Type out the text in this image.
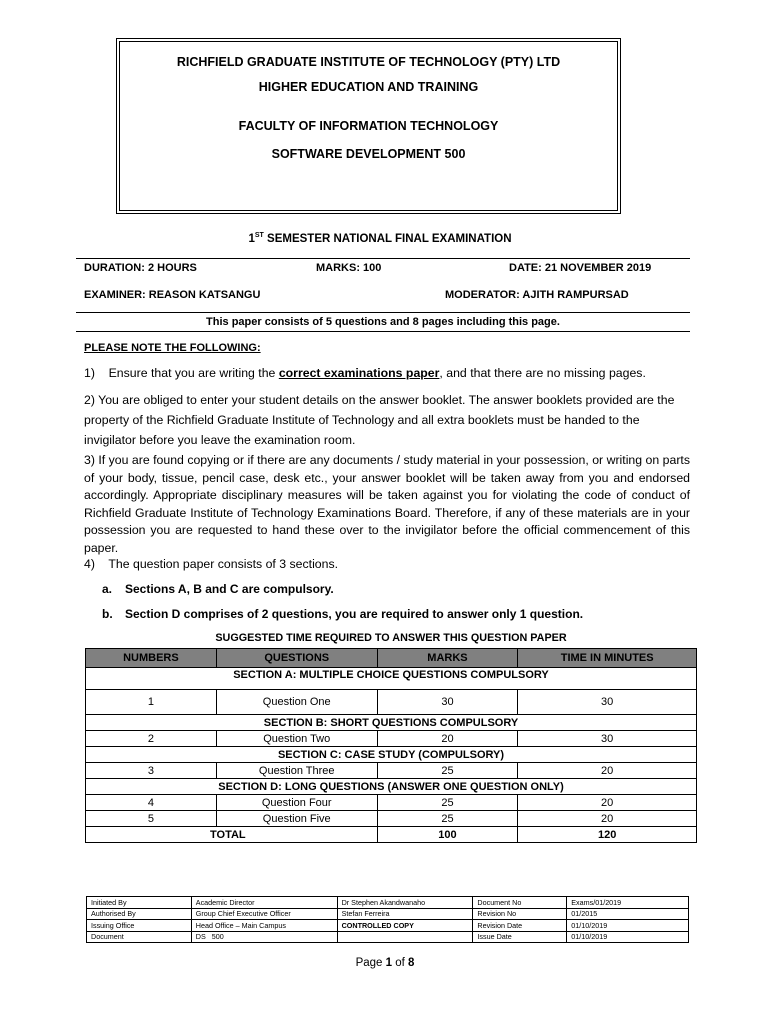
RICHFIELD GRADUATE INSTITUTE OF TECHNOLOGY (PTY) LTD
HIGHER EDUCATION AND TRAINING
FACULTY OF INFORMATION TECHNOLOGY
SOFTWARE DEVELOPMENT 500
1ST SEMESTER NATIONAL FINAL EXAMINATION
DURATION: 2 HOURS	MARKS: 100	DATE: 21 NOVEMBER 2019
EXAMINER: REASON KATSANGU	MODERATOR: AJITH RAMPURSAD
This paper consists of 5 questions and 8 pages including this page.
PLEASE NOTE THE FOLLOWING:
1)    Ensure that you are writing the correct examinations paper, and that there are no missing pages.
2) You are obliged to enter your student details on the answer booklet. The answer booklets provided are the property of the Richfield Graduate Institute of Technology and all extra booklets must be handed to the invigilator before you leave the examination room.
3) If you are found copying or if there are any documents / study material in your possession, or writing on parts of your body, tissue, pencil case, desk etc., your answer booklet will be taken away from you and endorsed accordingly. Appropriate disciplinary measures will be taken against you for violating the code of conduct of Richfield Graduate Institute of Technology Examinations Board. Therefore, if any of these materials are in your possession you are requested to hand these over to the invigilator before the official commencement of this paper.
4)    The question paper consists of 3 sections.
a. Sections A, B and C are compulsory.
b. Section D comprises of 2 questions, you are required to answer only 1 question.
SUGGESTED TIME REQUIRED TO ANSWER THIS QUESTION PAPER
NUMBERS	QUESTIONS	MARKS	TIME IN MINUTES
SECTION A: MULTIPLE CHOICE QUESTIONS COMPULSORY			
1	Question One	30	30
SECTION B: SHORT QUESTIONS COMPULSORY			
2	Question Two	20	30
SECTION C: CASE STUDY (COMPULSORY)			
3	Question Three	25	20
SECTION D: LONG QUESTIONS (ANSWER ONE QUESTION ONLY)			
4	Question Four	25	20
5	Question Five	25	20
TOTAL		100	120
Initiated By	Academic Director	Dr Stephen Akandwanaho	Document No	Exams/01/2019
Authorised By	Group Chief Executive Officer	Stefan Ferreira	Revision No	01/2015
Issuing Office	Head Office – Main Campus	CONTROLLED COPY	Revision Date	01/10/2019
Document	DS   500		Issue Date	01/10/2019
Page 1 of 8
